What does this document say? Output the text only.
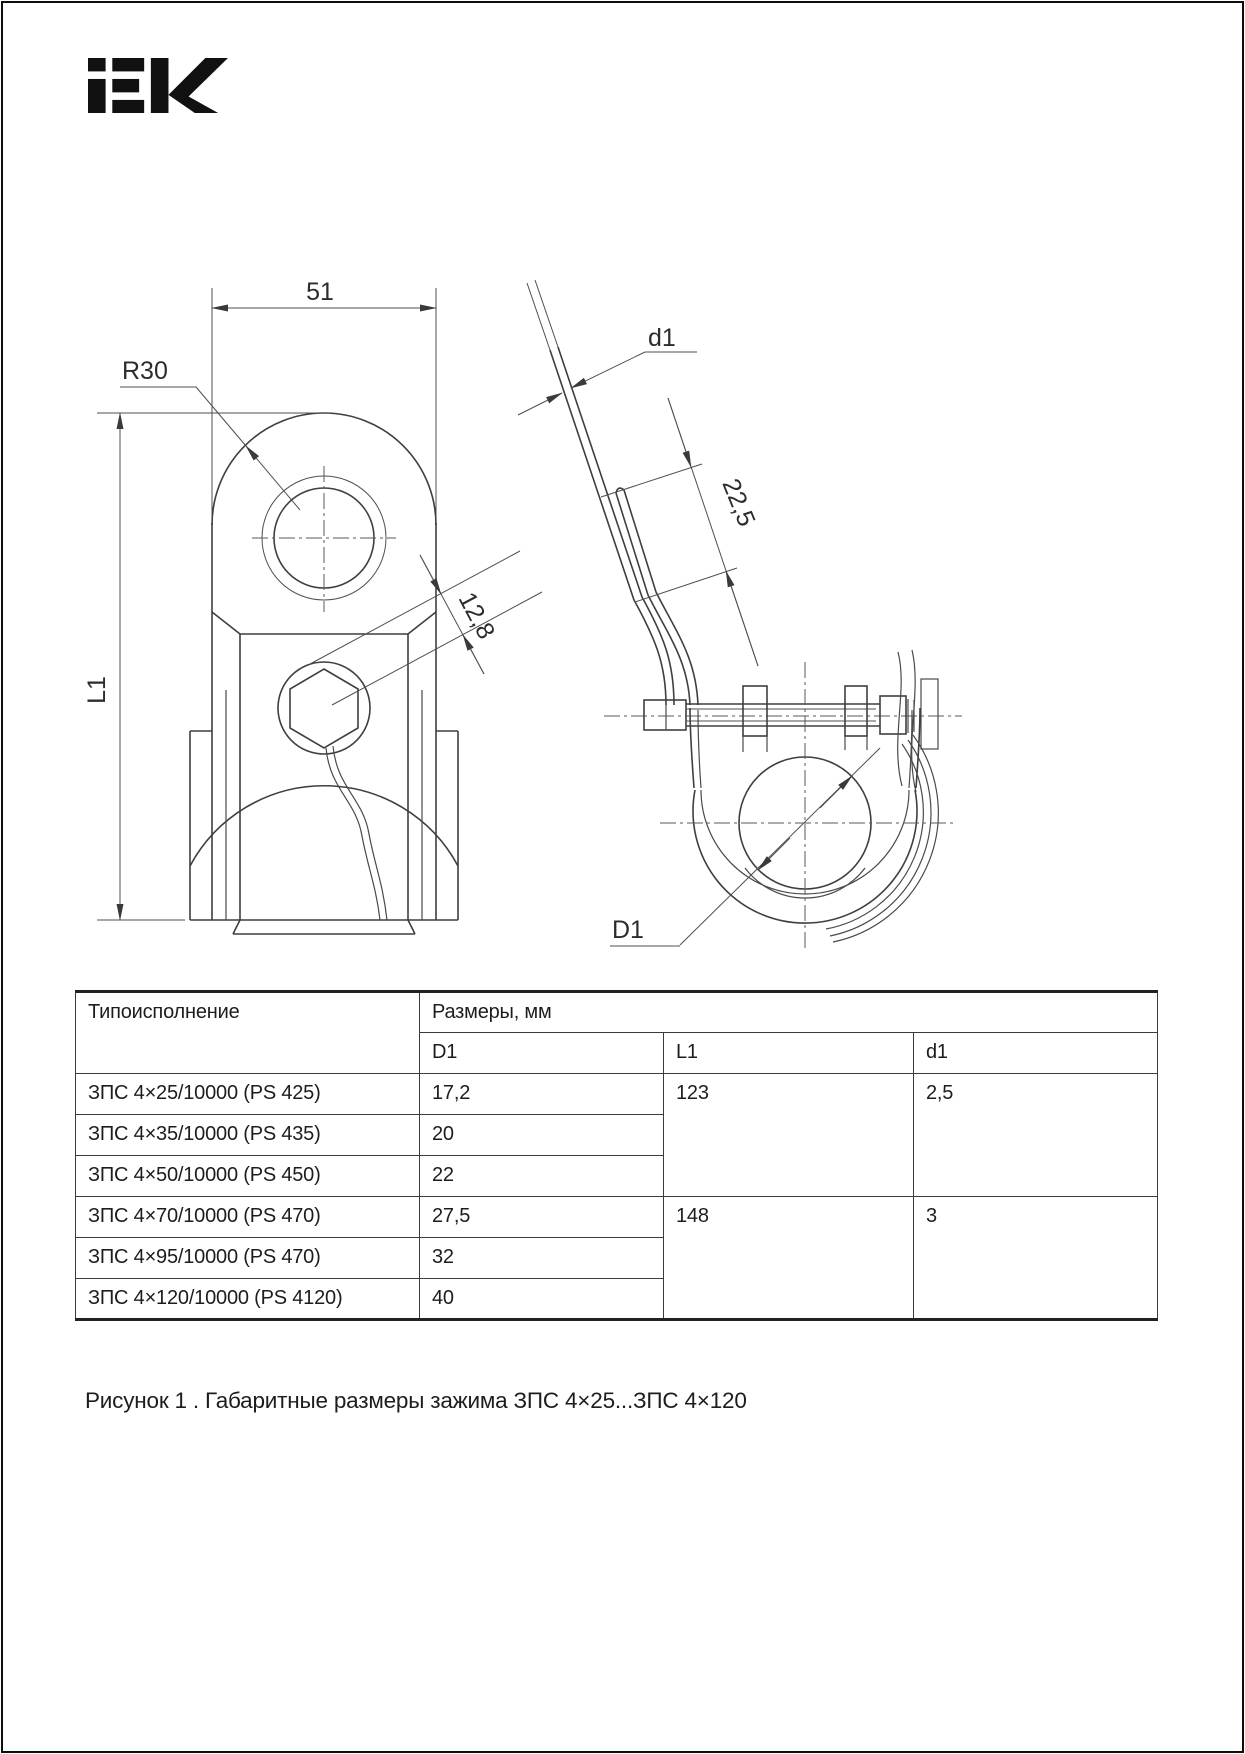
51
R30
L1
12,8
d1
22,5
D1
Типоисполнение	Размеры, мм		
	D1	L1	d1
ЗПС 4×25/10000 (PS 425)	17,2	123	2,5
ЗПС 4×35/10000 (PS 435)	20		
ЗПС 4×50/10000 (PS 450)	22		
ЗПС 4×70/10000 (PS 470)	27,5	148	3
ЗПС 4×95/10000 (PS 470)	32		
ЗПС 4×120/10000 (PS 4120)	40		
Рисунок 1 . Габаритные размеры зажима ЗПС 4×25...ЗПС 4×120
